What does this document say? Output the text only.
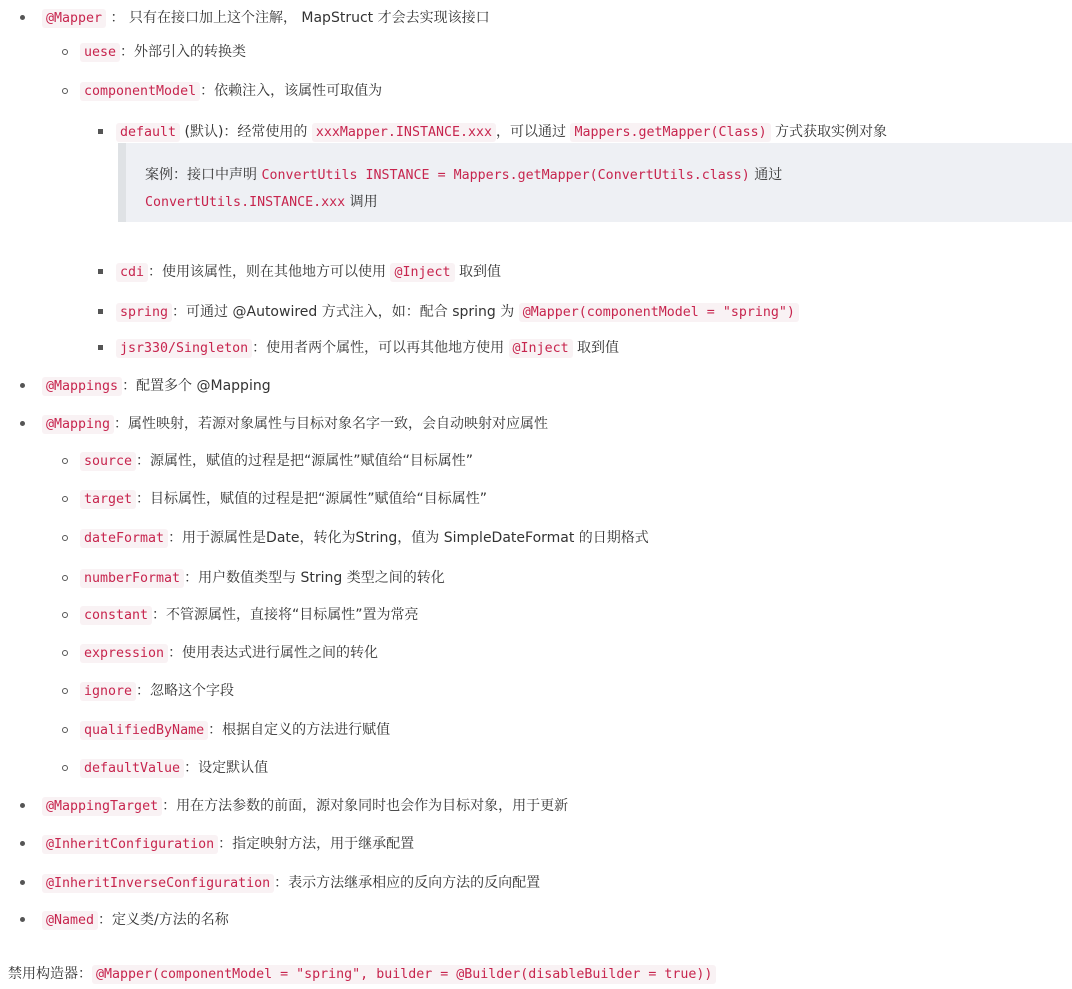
@Mapper ： 只有在接口加上这个注解， MapStruct 才会去实现该接口
uese ：外部引入的转换类
componentModel ：依赖注入，该属性可取值为
default (默认)：经常使用的 xxxMapper.INSTANCE.xxx ，可以通过 Mappers.getMapper(Class) 方式获取实例对象
cdi ：使用该属性，则在其他地方可以使用 @Inject 取到值
spring ：可通过 @Autowired 方式注入，如：配合 spring 为 @Mapper(componentModel = "spring")
jsr330/Singleton ：使用者两个属性，可以再其他地方使用 @Inject 取到值
@Mappings ：配置多个 @Mapping
@Mapping ：属性映射，若源对象属性与目标对象名字一致，会自动映射对应属性
source ：源属性，赋值的过程是把“源属性”赋值给“目标属性”
target ：目标属性，赋值的过程是把“源属性”赋值给“目标属性”
dateFormat ：用于源属性是Date，转化为String，值为 SimpleDateFormat 的日期格式
numberFormat ：用户数值类型与 String 类型之间的转化
constant ：不管源属性，直接将“目标属性”置为常亮
expression ：使用表达式进行属性之间的转化
ignore ：忽略这个字段
qualifiedByName ：根据自定义的方法进行赋值
defaultValue ：设定默认值
@MappingTarget ：用在方法参数的前面，源对象同时也会作为目标对象，用于更新
@InheritConfiguration ：指定映射方法，用于继承配置
@InheritInverseConfiguration ：表示方法继承相应的反向方法的反向配置
@Named ：定义类/方法的名称
禁用构造器： @Mapper(componentModel = "spring", builder = @Builder(disableBuilder = true))
案例：接口中声明 ConvertUtils INSTANCE = Mappers.getMapper(ConvertUtils.class) 通过
ConvertUtils.INSTANCE.xxx 调用
